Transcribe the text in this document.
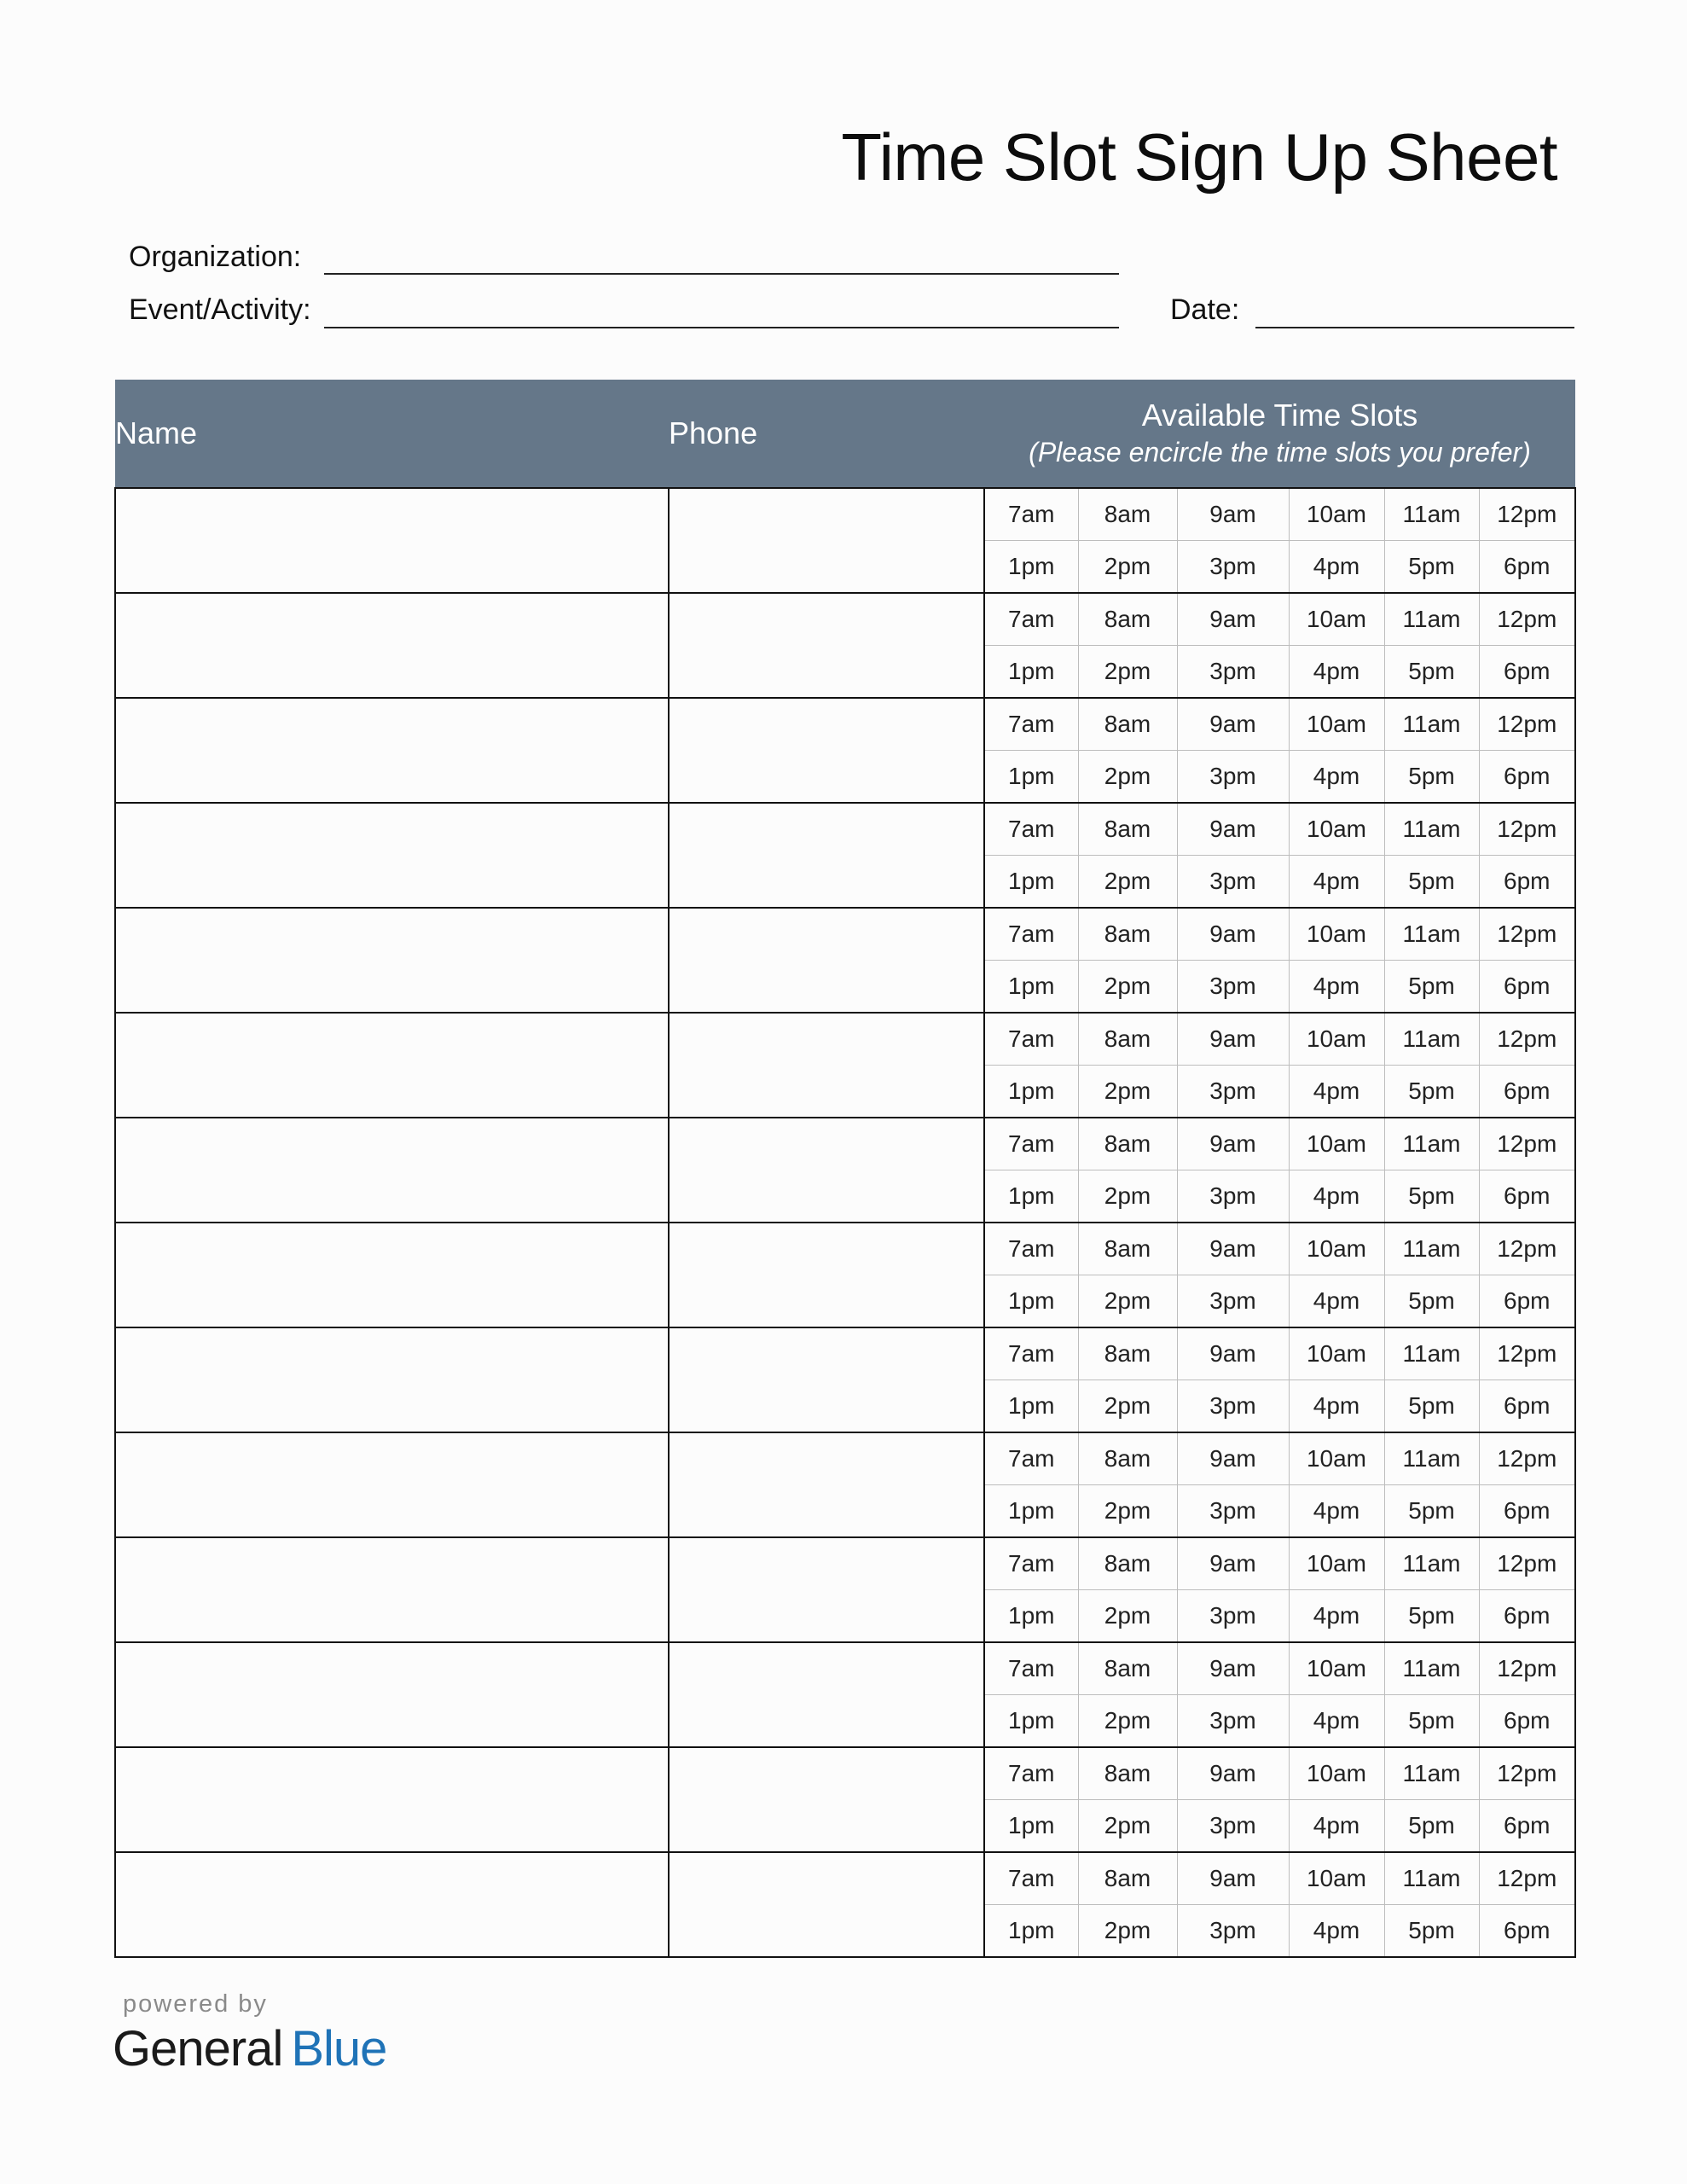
Time Slot Sign Up Sheet
Organization:
Event/Activity:	Date:
Name	Phone	Available Time Slots
(Please encircle the time slots you prefer)					

		7am	8am	9am	10am	11am	12pm
		1pm	2pm	3pm	4pm	5pm	6pm
		7am	8am	9am	10am	11am	12pm
		1pm	2pm	3pm	4pm	5pm	6pm
		7am	8am	9am	10am	11am	12pm
		1pm	2pm	3pm	4pm	5pm	6pm
		7am	8am	9am	10am	11am	12pm
		1pm	2pm	3pm	4pm	5pm	6pm
		7am	8am	9am	10am	11am	12pm
		1pm	2pm	3pm	4pm	5pm	6pm
		7am	8am	9am	10am	11am	12pm
		1pm	2pm	3pm	4pm	5pm	6pm
		7am	8am	9am	10am	11am	12pm
		1pm	2pm	3pm	4pm	5pm	6pm
		7am	8am	9am	10am	11am	12pm
		1pm	2pm	3pm	4pm	5pm	6pm
		7am	8am	9am	10am	11am	12pm
		1pm	2pm	3pm	4pm	5pm	6pm
		7am	8am	9am	10am	11am	12pm
		1pm	2pm	3pm	4pm	5pm	6pm
		7am	8am	9am	10am	11am	12pm
		1pm	2pm	3pm	4pm	5pm	6pm
		7am	8am	9am	10am	11am	12pm
		1pm	2pm	3pm	4pm	5pm	6pm
		7am	8am	9am	10am	11am	12pm
		1pm	2pm	3pm	4pm	5pm	6pm
		7am	8am	9am	10am	11am	12pm
		1pm	2pm	3pm	4pm	5pm	6pm
powered by
General Blue
